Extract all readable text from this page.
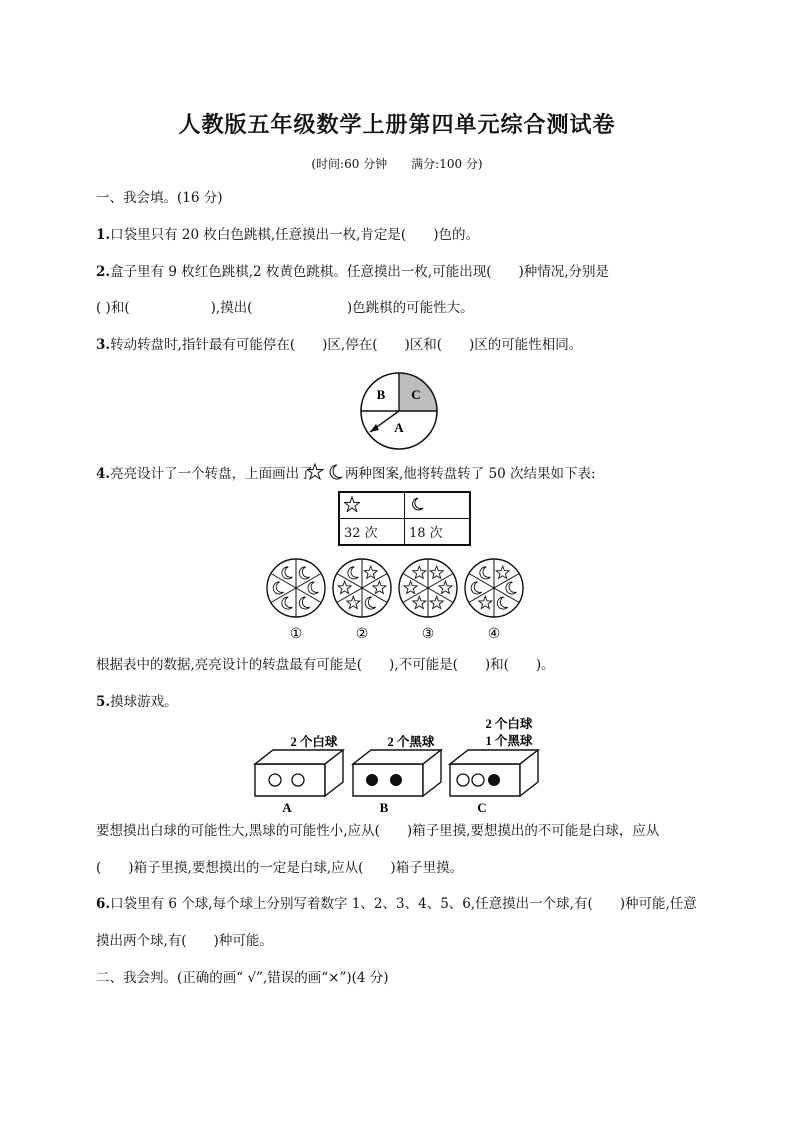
人教版五年级数学上册第四单元综合测试卷
(时间:60 分钟　　满分:100 分)
一、我会填。(16 分)
1.口袋里只有 20 枚白色跳棋,任意摸出一枚,肯定是(　　)色的。
2.盒子里有 9 枚红色跳棋,2 枚黄色跳棋。任意摸出一枚,可能出现(　　)种情况,分别是
( )和(　　　　　　),摸出(　　　　　　　)色跳棋的可能性大。
3.转动转盘时,指针最有可能停在(　　)区,停在(　　)区和(　　)区的可能性相同。
B C
A
4.亮亮设计了一个转盘，上面画出了 两种图案,他将转盘转了 50 次结果如下表:

32 次	18 次
①	②	③	④
根据表中的数据,亮亮设计的转盘最有可能是(　　),不可能是(　　)和(　　)。
5.摸球游戏。
2 个白球
A
2 个黑球
B
2 个白球
1 个黑球
C
要想摸出白球的可能性大,黑球的可能性小,应从(　　)箱子里摸,要想摸出的不可能是白球，应从
(　　)箱子里摸,要想摸出的一定是白球,应从(　　)箱子里摸。
6.口袋里有 6 个球,每个球上分别写着数字 1、2、3、4、5、6,任意摸出一个球,有(　　)种可能,任意
摸出两个球,有(　　)种可能。
二、我会判。(正确的画“ √”,错误的画“×”)(4 分)
